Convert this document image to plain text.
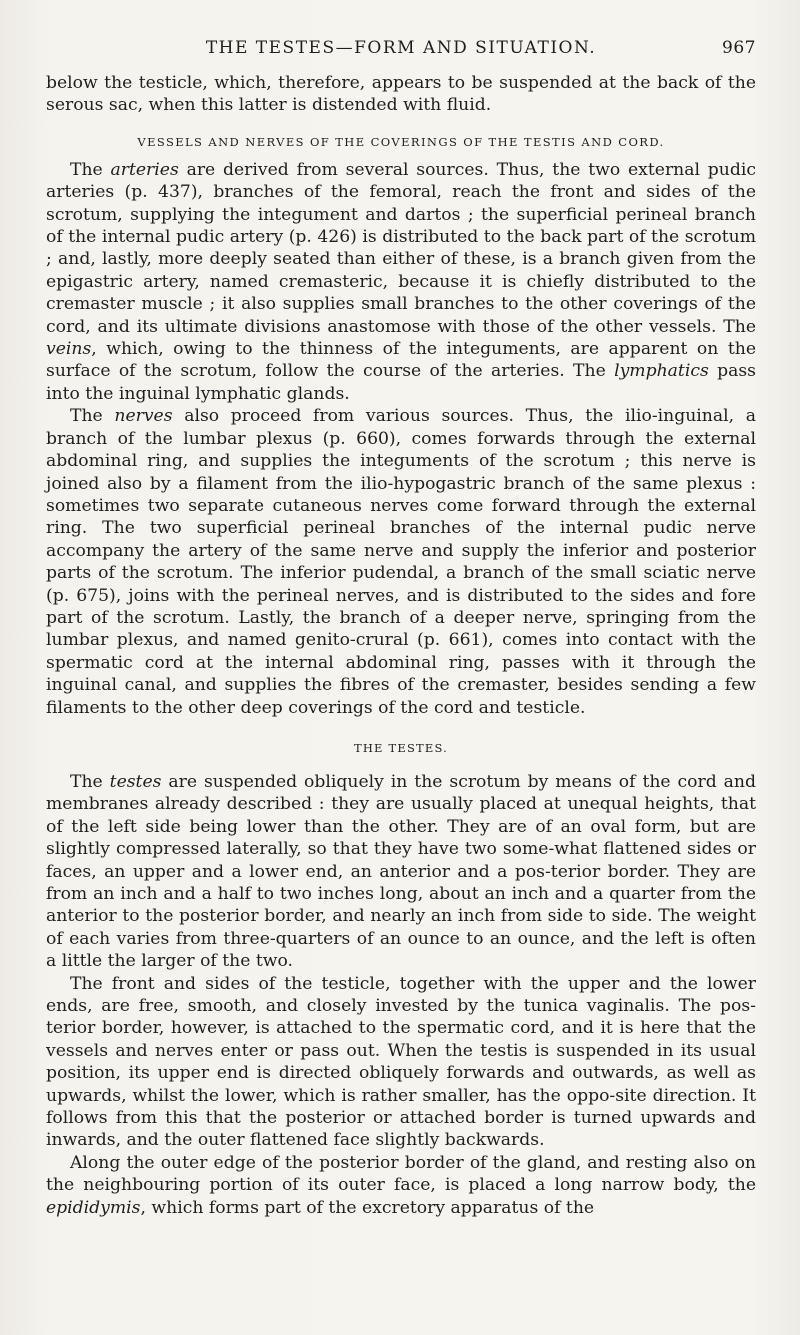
THE TESTES—FORM AND SITUATION.	967

below the testicle, which, therefore, appears to be suspended at the back of the serous sac, when this latter is distended with fluid.

VESSELS AND NERVES OF THE COVERINGS OF THE TESTIS AND CORD.

The arteries are derived from several sources. Thus, the two external pudic arteries (p. 437), branches of the femoral, reach the front and sides of the scrotum, supplying the integument and dartos ; the superficial perineal branch of the internal pudic artery (p. 426) is distributed to the back part of the scrotum ; and, lastly, more deeply seated than either of these, is a branch given from the epigastric artery, named cremasteric, because it is chiefly distributed to the cremaster muscle ; it also supplies small branches to the other coverings of the cord, and its ultimate divisions anastomose with those of the other vessels. The veins, which, owing to the thinness of the integuments, are apparent on the surface of the scrotum, follow the course of the arteries. The lymphatics pass into the inguinal lymphatic glands.

The nerves also proceed from various sources. Thus, the ilio-inguinal, a branch of the lumbar plexus (p. 660), comes forwards through the external abdominal ring, and supplies the integuments of the scrotum ; this nerve is joined also by a filament from the ilio-hypogastric branch of the same plexus : sometimes two separate cutaneous nerves come forward through the external ring. The two superficial perineal branches of the internal pudic nerve accompany the artery of the same nerve and supply the inferior and posterior parts of the scrotum. The inferior pudendal, a branch of the small sciatic nerve (p. 675), joins with the perineal nerves, and is distributed to the sides and fore part of the scrotum. Lastly, the branch of a deeper nerve, springing from the lumbar plexus, and named genito-crural (p. 661), comes into contact with the spermatic cord at the internal abdominal ring, passes with it through the inguinal canal, and supplies the fibres of the cremaster, besides sending a few filaments to the other deep coverings of the cord and testicle.

THE TESTES.

The testes are suspended obliquely in the scrotum by means of the cord and membranes already described : they are usually placed at unequal heights, that of the left side being lower than the other. They are of an oval form, but are slightly compressed laterally, so that they have two some-what flattened sides or faces, an upper and a lower end, an anterior and a pos-terior border. They are from an inch and a half to two inches long, about an inch and a quarter from the anterior to the posterior border, and nearly an inch from side to side. The weight of each varies from three-quarters of an ounce to an ounce, and the left is often a little the larger of the two.

The front and sides of the testicle, together with the upper and the lower ends, are free, smooth, and closely invested by the tunica vaginalis. The pos-terior border, however, is attached to the spermatic cord, and it is here that the vessels and nerves enter or pass out. When the testis is suspended in its usual position, its upper end is directed obliquely forwards and outwards, as well as upwards, whilst the lower, which is rather smaller, has the oppo-site direction. It follows from this that the posterior or attached border is turned upwards and inwards, and the outer flattened face slightly backwards.

Along the outer edge of the posterior border of the gland, and resting also on the neighbouring portion of its outer face, is placed a long narrow body, the epididymis, which forms part of the excretory apparatus of the
